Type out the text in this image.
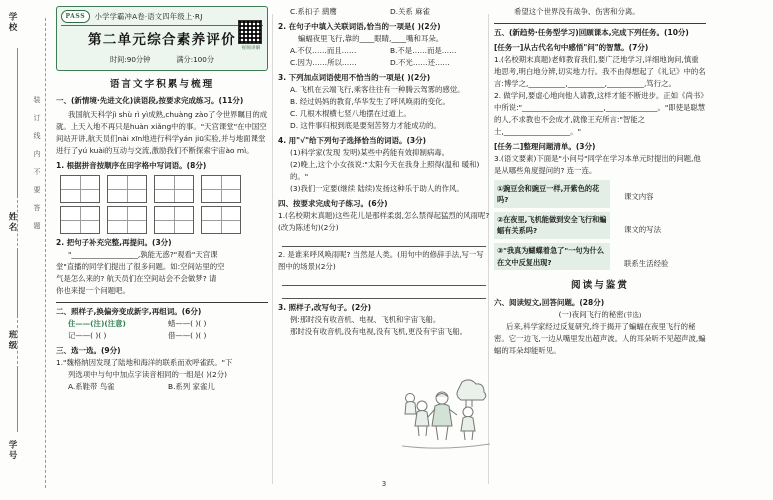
学校
姓名
班级
学号
装 订 线 内 不 要 答 题
PASS	小学学霸冲A卷·语文四年级上·RJ
第二单元综合素养评价
时间:90分钟	满分:100分
视频讲解
语言文字积累与梳理
一、(新情境·先进文化)读语段,按要求完成练习。(11分)
我国航天科学jì shù rì yì成熟,chuàng zào了令世界瞩目的成就。上天入地不再只是huàn xiǎng中的事。"天宫课堂"在中国空间站开讲,航天员们nài xīn地进行科学yán jiū实验,并与地面课堂进行了yú kuài的互动与交流,激励我们不断探索宇宙ào mì。
1. 根据拼音按顺序在田字格中写词语。(8分)
2. 把句子补充完整,再提问。(3分)
"__________________,孰能无惑?"观看"天宫课
堂"直播的同学们提出了很多问题。如:空间站里的空
气是怎么来的? 航天员们在空间站会不会做梦? 请
你也来提一个问题吧。
二、照样子,换偏旁变成新字,再组词。(6分)
住——(注)(注意)	蜡——( )( )
记——( )( )	借——( )( )
三、选一选。(9分)
1."魏格纳因发现了陆地和海洋的联系而欢呼雀跃。"下
列选项中与句中加点字读音相同的一组是( )(2分)
A.系鞋带 鸟雀	B.系列 家雀儿
C.系扣子 鹞鹰	D.关系 麻雀
2. 在句子中填入关联词语,恰当的一项是( )(2分)
蝙蝠夜里飞行,靠的____眼睛,____嘴和耳朵。
A.不仅……而且……	B.不是……而是……
C.因为……所以……	D.不光……还……
3. 下列加点词语使用不恰当的一项是( )(2分)
A. 飞机在云端飞行,乘客往往有一种腾云驾雾的感觉。
B. 经过妈妈的教育,华华发生了呼风唤雨的变化。
C. 几根木棍横七竖八地摆在过道上。
D. 这件事归根到底是要刻苦努力才能成功的。
4. 用"√"给下列句子选择恰当的词语。(3分)
(1)科学家(发现 发明)某些中药能有效抑制病毒。
(2)晚上,这个小女孩说:"太阳今天在我身上照得(温和 暖和)的。"
(3)我们一定要(继续 陆续)发扬这种乐于助人的作风。
四、按要求完成句子练习。(6分)
1.(名校期末真题)这些花儿是那样柔弱,怎么禁得起猛烈的风雨呢?(改为陈述句)(2分)
2. 是谁来呼风唤雨呢? 当然是人类。(用句中的修辞手法,写一写图中的场景)(2分)
3. 照样子,改写句子。(2分)
例:那时没有收音机、电视、飞机和宇宙飞船。
那时没有收音机,没有电视,没有飞机,更没有宇宙飞船。
3
希望这个世界没有战争、伤害和分离。
五、(新趋势·任务型学习)回顾课本,完成下列任务。(10分)
[任务一]从古代名句中感悟"问"的智慧。(7分)
1.(名校期末真题)老师教育我们,要广泛地学习,详细地询问,慎重地思考,明白地分辨,切实地力行。我不由得想起了《礼记》中的名言:博学之,__________,__________,__________,笃行之。
2. 做学问,要虚心地向他人请教,这样才能不断进步。正如《尚书》中所说:"______________________,______________。"即使是聪慧的人,不求教也不会成才,就像王充所言:"智能之士,__________________。"
[任务二]整理问题清单。(3分)
3.(语文要素)下面是"小问号"同学在学习本单元时提出的问题,他是从哪些角度提问的? 连一连。
①豌豆会和豌豆一样,开紫色的花吗?
②在夜里,飞机能做到安全飞行和蝙蝠有关系吗?
③"我真为蝴蝶着急了"一句为什么在文中反复出现?
课文内容
课文的写法
联系生活经验
阅读与鉴赏
六、阅读短文,回答问题。(28分)
(一)夜间飞行的秘密(节选)
后来,科学家经过反复研究,终于揭开了蝙蝠在夜里飞行的秘密。它一边飞,一边从嘴里发出超声波。人的耳朵听不见超声波,蝙蝠的耳朵却能听见。
